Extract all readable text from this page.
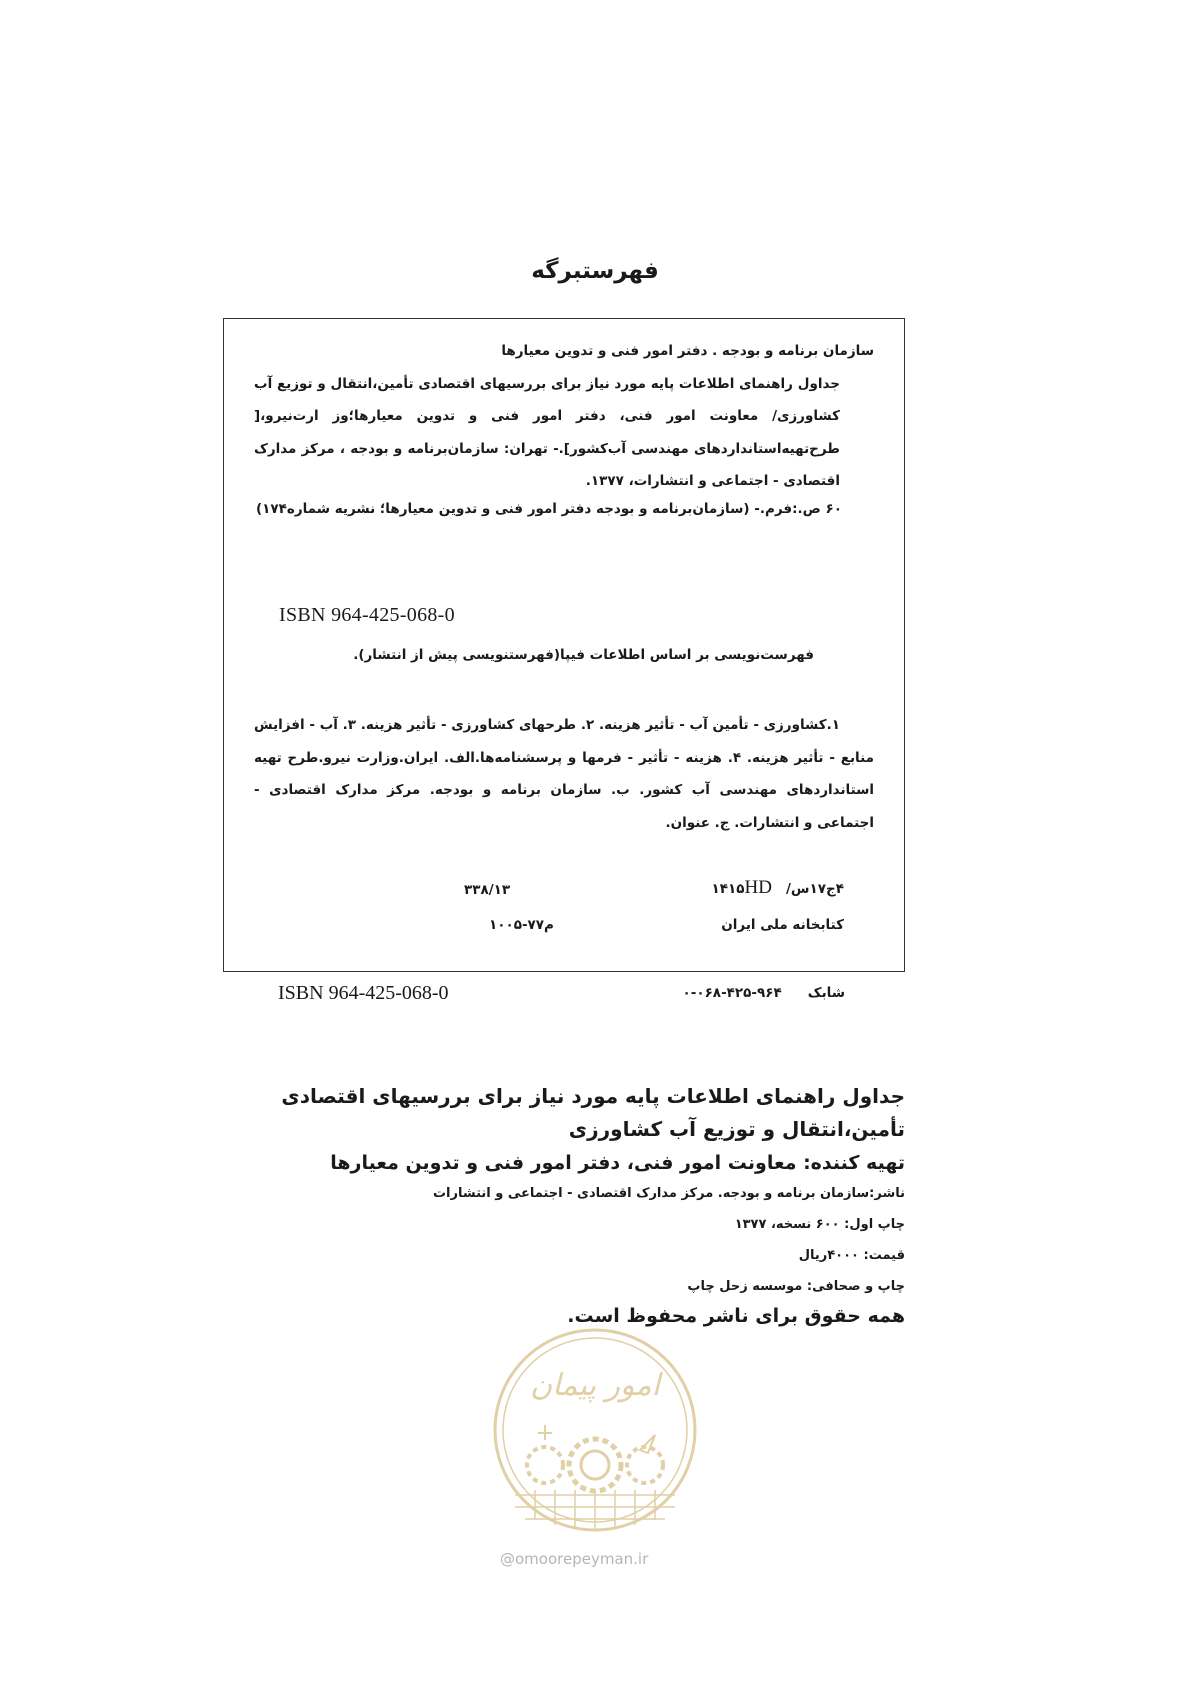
فهرستبرگه
سازمان برنامه و بودجه . دفتر امور فنی و تدوین معیارها
جداول راهنمای اطلاعات پایه مورد نیاز برای بررسیهای اقتصادی تأمین،انتقال و توزیع آب کشاورزی/ معاونت امور فنی، دفتر امور فنی و تدوین معیارها؛وز ارت‌نیرو،[ طرح‌تهیه‌استانداردهای مهندسی آب‌کشور].- تهران: سازمان‌برنامه و بودجه ، مرکز مدارک اقتصادی - اجتماعی و انتشارات، ۱۳۷۷.
۶۰ ص.:فرم.- (سازمان‌برنامه و بودجه دفتر امور فنی و تدوین معیارها؛ نشریه شماره۱۷۴)
ISBN 964-425-068-0
فهرست‌نویسی بر اساس اطلاعات فیپا(فهرستنویسی پیش از انتشار).
۱.کشاورزی - تأمین آب - تأثیر هزینه. ۲. طرحهای کشاورزی - تأثیر هزینه. ۳. آب - افزایش منابع - تأثیر هزینه. ۴. هزینه - تأثیر - فرمها و پرسشنامه‌ها.الف. ایران.وزارت نیرو.طرح تهیه استانداردهای مهندسی آب کشور. ب. سازمان برنامه و بودجه. مرکز مدارک اقتصادی - اجتماعی و انتشارات. ج. عنوان.
۴ج۱۷س/۱۴۱۵HD
۳۳۸/۱۳
کتابخانه ملی ایران
۱۰۰۵-۷۷م
ISBN 964-425-068-0	شابک۹۶۴-۴۲۵-۰۶۸-۰
جداول راهنمای اطلاعات پایه مورد نیاز برای بررسیهای اقتصادی تأمین،انتقال و توزیع آب کشاورزی
تهیه کننده: معاونت امور فنی، دفتر امور فنی و تدوین معیارها
ناشر:سازمان برنامه و بودجه. مرکز مدارک اقتصادی - اجتماعی و انتشارات
چاپ اول: ۶۰۰ نسخه، ۱۳۷۷
قیمت: ۴۰۰۰ریال
چاپ و صحافی: موسسه زحل چاپ
همه حقوق برای ناشر محفوظ است.
امور پیمان
@omoorepeyman.ir
